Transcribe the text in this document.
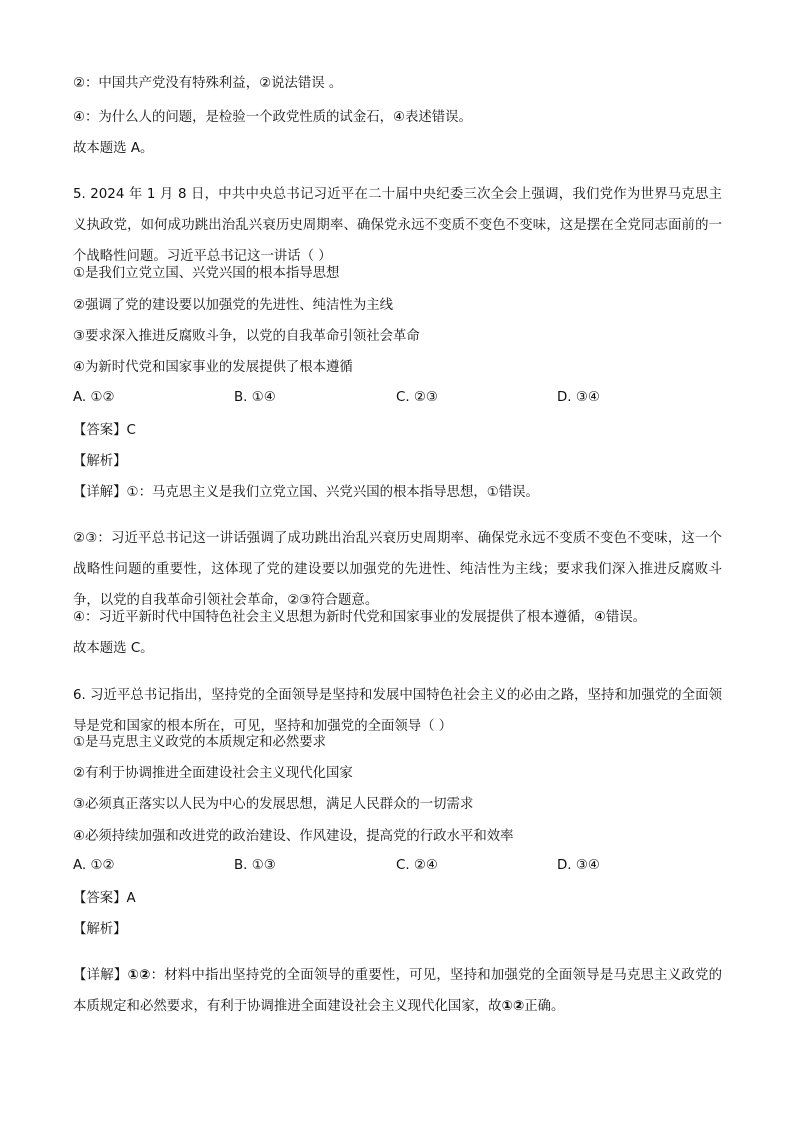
②：中国共产党没有特殊利益，②说法错误 。

④：为什么人的问题，是检验一个政党性质的试金石，④表述错误。

故本题选 A。

5. 2024 年 1 月 8 日，中共中央总书记习近平在二十届中央纪委三次全会上强调，我们党作为世界马克思主义执政党，如何成功跳出治乱兴衰历史周期率、确保党永远不变质不变色不变味，这是摆在全党同志面前的一个战略性问题。习近平总书记这一讲话（ ）

①是我们立党立国、兴党兴国的根本指导思想

②强调了党的建设要以加强党的先进性、纯洁性为主线

③要求深入推进反腐败斗争，以党的自我革命引领社会革命

④为新时代党和国家事业的发展提供了根本遵循

A. ①②	B. ①④	C. ②③	D. ③④

【答案】C

【解析】

【详解】①：马克思主义是我们立党立国、兴党兴国的根本指导思想，①错误。

②③：习近平总书记这一讲话强调了成功跳出治乱兴衰历史周期率、确保党永远不变质不变色不变味，这一个战略性问题的重要性，这体现了党的建设要以加强党的先进性、纯洁性为主线；要求我们深入推进反腐败斗争，以党的自我革命引领社会革命，②③符合题意。

④：习近平新时代中国特色社会主义思想为新时代党和国家事业的发展提供了根本遵循，④错误。

故本题选 C。

6. 习近平总书记指出，坚持党的全面领导是坚持和发展中国特色社会主义的必由之路，坚持和加强党的全面领导是党和国家的根本所在，可见，坚持和加强党的全面领导（ ）

①是马克思主义政党的本质规定和必然要求

②有利于协调推进全面建设社会主义现代化国家

③必须真正落实以人民为中心的发展思想，满足人民群众的一切需求

④必须持续加强和改进党的政治建设、作风建设，提高党的行政水平和效率

A. ①②	B. ①③	C. ②④	D. ③④

【答案】A

【解析】

【详解】①②：材料中指出坚持党的全面领导的重要性，可见，坚持和加强党的全面领导是马克思主义政党的本质规定和必然要求，有利于协调推进全面建设社会主义现代化国家，故①②正确。
